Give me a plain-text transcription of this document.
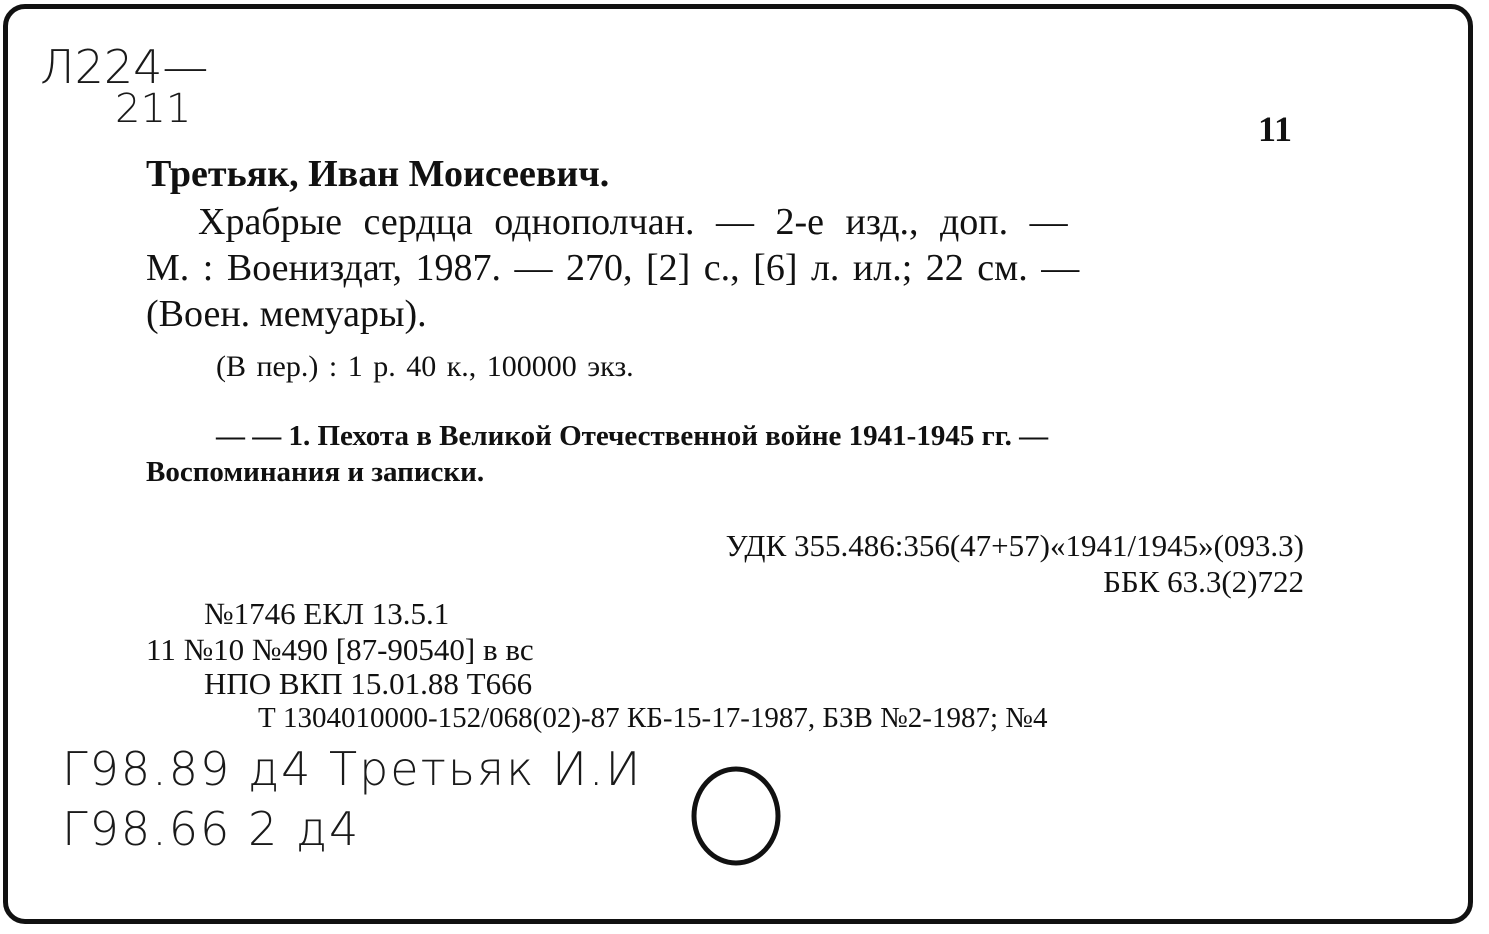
Л224—
211	11
Третьяк, Иван Моисеевич.
Храбрые сердца однополчан. — 2-е изд., доп. —
М. : Воениздат, 1987. — 270, [2] с., [6] л. ил.; 22 см. —
(Воен. мемуары).
(В пер.) : 1 р. 40 к., 100000 экз.
— — 1. Пехота в Великой Отечественной войне 1941-1945 гг. —
Воспоминания и записки.
УДК 355.486:356(47+57)«1941/1945»(093.3)
ББК 63.3(2)722
№1746 ЕКЛ 13.5.1
11 №10 №490 [87-90540] в вс
НПО ВКП 15.01.88 Т666
Т 1304010000-152/068(02)-87 КБ-15-17-1987, БЗВ №2-1987; №4
Г98.89 д4 Третьяк И.И
Г98.66 2 д4
